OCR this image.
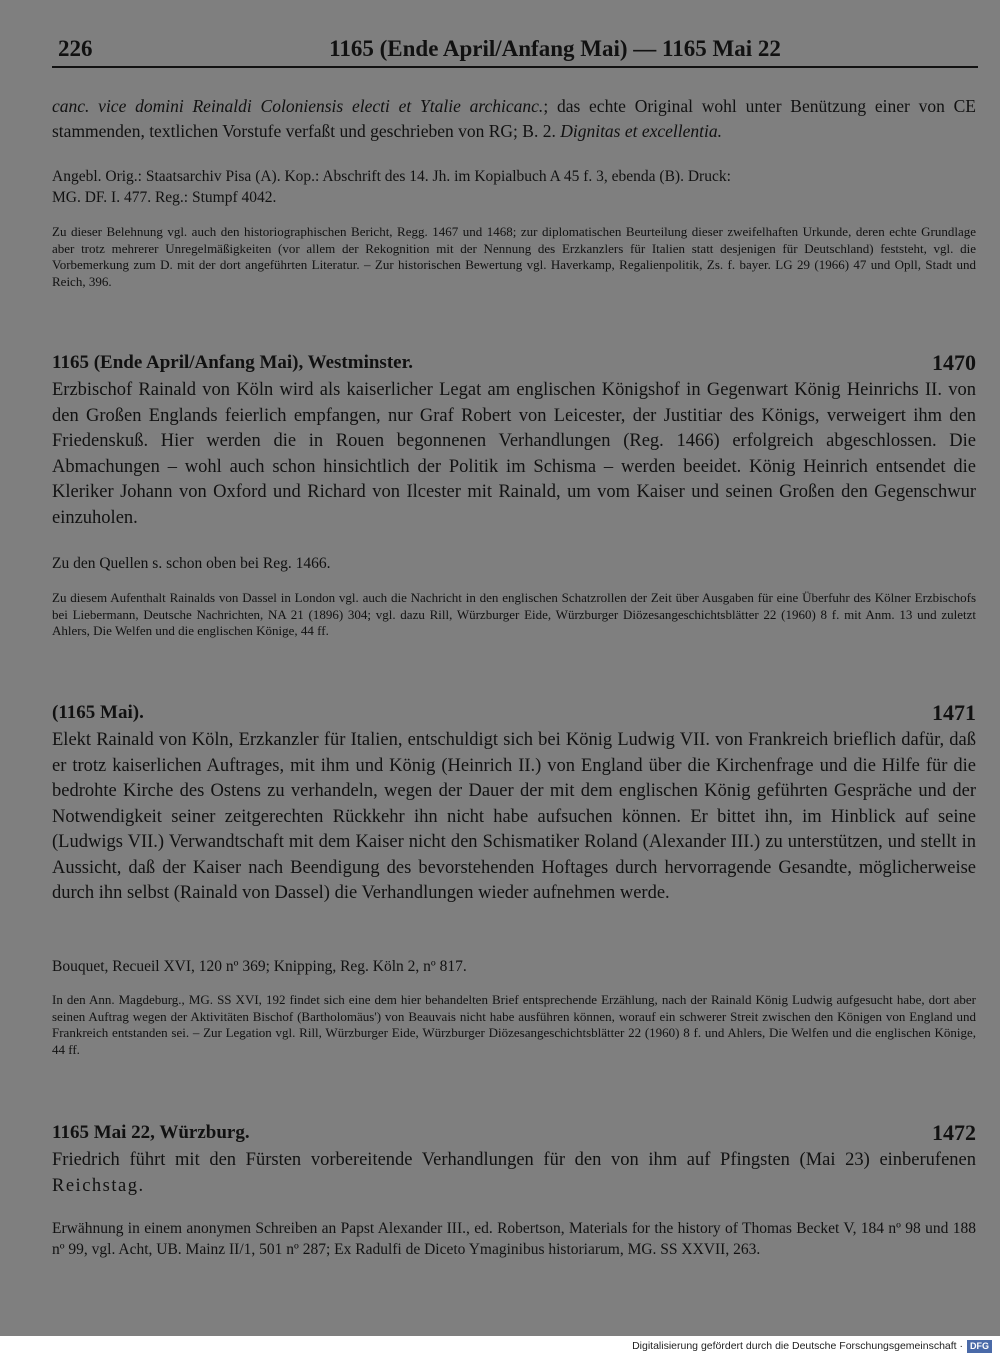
226	1165 (Ende April/Anfang Mai) — 1165 Mai 22

canc. vice domini Reinaldi Coloniensis electi et Ytalie archicanc.; das echte Original wohl unter Benützung einer von CE stammenden, textlichen Vorstufe verfaßt und geschrieben von RG; B. 2. Dignitas et excellentia.

Angebl. Orig.: Staatsarchiv Pisa (A). Kop.: Abschrift des 14. Jh. im Kopialbuch A 45 f. 3, ebenda (B). Druck:

MG. DF. I. 477. Reg.: Stumpf 4042.

Zu dieser Belehnung vgl. auch den historiographischen Bericht, Regg. 1467 und 1468; zur diplomatischen Beurteilung dieser zweifelhaften Urkunde, deren echte Grundlage aber trotz mehrerer Unregelmäßigkeiten (vor allem der Rekognition mit der Nennung des Erzkanzlers für Italien statt desjenigen für Deutschland) feststeht, vgl. die Vorbemerkung zum D. mit der dort angeführten Literatur. – Zur historischen Bewertung vgl. Haverkamp, Regalienpolitik, Zs. f. bayer. LG 29 (1966) 47 und Opll, Stadt und Reich, 396.

1165 (Ende April/Anfang Mai), Westminster.	1470

Erzbischof Rainald von Köln wird als kaiserlicher Legat am englischen Königshof in Gegenwart König Heinrichs II. von den Großen Englands feierlich empfangen, nur Graf Robert von Leicester, der Justitiar des Königs, verweigert ihm den Friedenskuß. Hier werden die in Rouen begonnenen Verhandlungen (Reg. 1466) erfolgreich abgeschlossen. Die Abmachungen – wohl auch schon hinsichtlich der Politik im Schisma – werden beeidet. König Heinrich entsendet die Kleriker Johann von Oxford und Richard von Ilcester mit Rainald, um vom Kaiser und seinen Großen den Gegenschwur einzuholen.

Zu den Quellen s. schon oben bei Reg. 1466.

Zu diesem Aufenthalt Rainalds von Dassel in London vgl. auch die Nachricht in den englischen Schatzrollen der Zeit über Ausgaben für eine Überfuhr des Kölner Erzbischofs bei Liebermann, Deutsche Nachrichten, NA 21 (1896) 304; vgl. dazu Rill, Würzburger Eide, Würzburger Diözesangeschichtsblätter 22 (1960) 8 f. mit Anm. 13 und zuletzt Ahlers, Die Welfen und die englischen Könige, 44 ff.

(1165 Mai).	1471

Elekt Rainald von Köln, Erzkanzler für Italien, entschuldigt sich bei König Ludwig VII. von Frankreich brieflich dafür, daß er trotz kaiserlichen Auftrages, mit ihm und König (Heinrich II.) von England über die Kirchenfrage und die Hilfe für die bedrohte Kirche des Ostens zu verhandeln, wegen der Dauer der mit dem englischen König geführten Gespräche und der Notwendigkeit seiner zeitgerechten Rückkehr ihn nicht habe aufsuchen können. Er bittet ihn, im Hinblick auf seine (Ludwigs VII.) Verwandtschaft mit dem Kaiser nicht den Schismatiker Roland (Alexander III.) zu unterstützen, und stellt in Aussicht, daß der Kaiser nach Beendigung des bevorstehenden Hoftages durch hervorragende Gesandte, möglicherweise durch ihn selbst (Rainald von Dassel) die Verhandlungen wieder aufnehmen werde.

Bouquet, Recueil XVI, 120 nº 369; Knipping, Reg. Köln 2, nº 817.

In den Ann. Magdeburg., MG. SS XVI, 192 findet sich eine dem hier behandelten Brief entsprechende Erzählung, nach der Rainald König Ludwig aufgesucht habe, dort aber seinen Auftrag wegen der Aktivitäten Bischof (Bartholomäus') von Beauvais nicht habe ausführen können, worauf ein schwerer Streit zwischen den Königen von England und Frankreich entstanden sei. – Zur Legation vgl. Rill, Würzburger Eide, Würzburger Diözesangeschichtsblätter 22 (1960) 8 f. und Ahlers, Die Welfen und die englischen Könige, 44 ff.

1165 Mai 22, Würzburg.	1472

Friedrich führt mit den Fürsten vorbereitende Verhandlungen für den von ihm auf Pfingsten (Mai 23) einberufenen Reichstag.

Erwähnung in einem anonymen Schreiben an Papst Alexander III., ed. Robertson, Materials for the history of Thomas Becket V, 184 nº 98 und 188 nº 99, vgl. Acht, UB. Mainz II/1, 501 nº 287; Ex Radulfi de Diceto Ymaginibus historiarum, MG. SS XXVII, 263.

Digitalisierung gefördert durch die Deutsche Forschungsgemeinschaft · DFG
